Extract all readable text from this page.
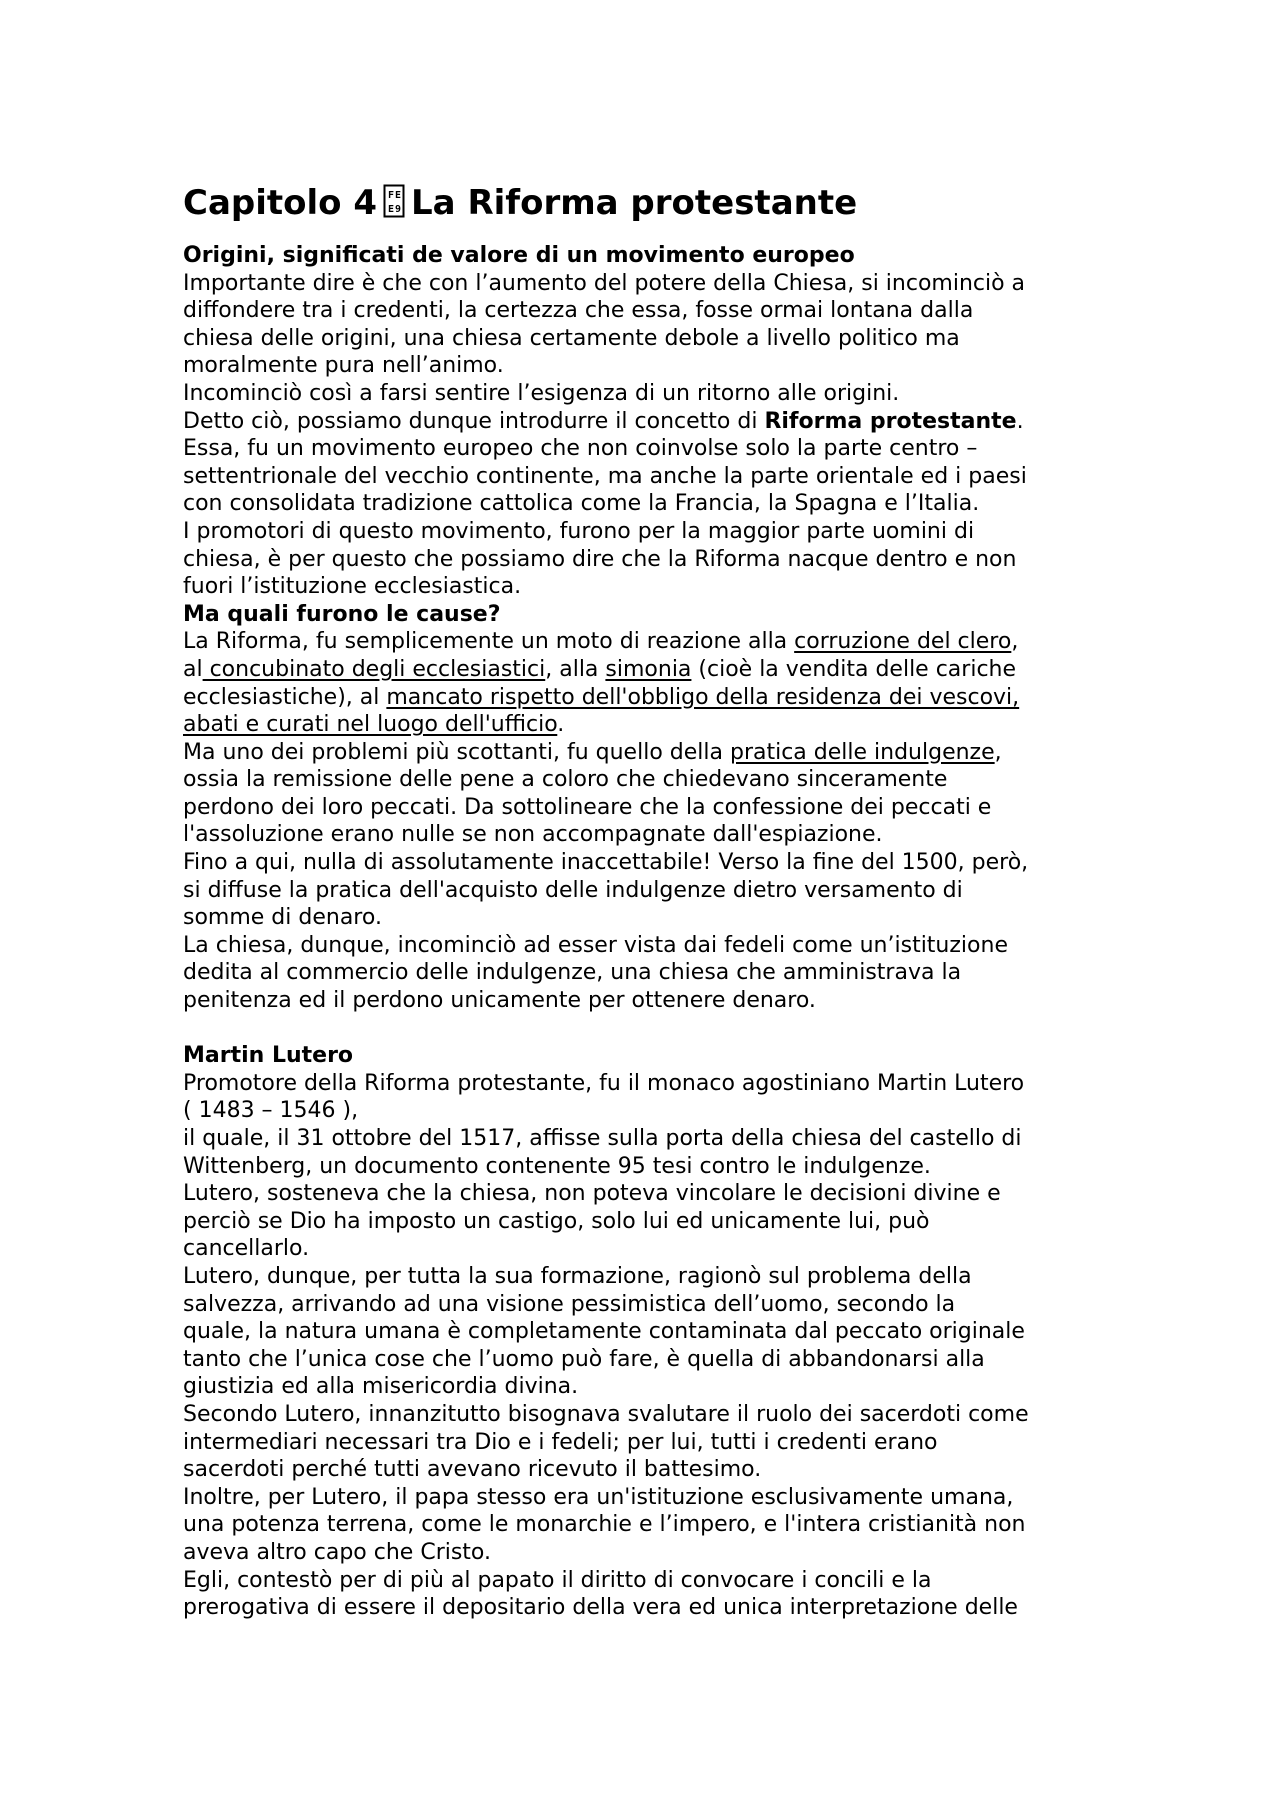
Capitolo 4 F E
E 9 La Riforma protestante

Origini, significati de valore di un movimento europeo

Importante dire è che con l’aumento del potere della Chiesa, si incominciò a

diffondere tra i credenti, la certezza che essa, fosse ormai lontana dalla

chiesa delle origini, una chiesa certamente debole a livello politico ma

moralmente pura nell’animo.

Incominciò così a farsi sentire l’esigenza di un ritorno alle origini.

Detto ciò, possiamo dunque introdurre il concetto di Riforma protestante.

Essa, fu un movimento europeo che non coinvolse solo la parte centro –

settentrionale del vecchio continente, ma anche la parte orientale ed i paesi

con consolidata tradizione cattolica come la Francia, la Spagna e l’Italia.

I promotori di questo movimento, furono per la maggior parte uomini di

chiesa, è per questo che possiamo dire che la Riforma nacque dentro e non

fuori l’istituzione ecclesiastica.

Ma quali furono le cause?

La Riforma, fu semplicemente un moto di reazione alla corruzione del clero,

al concubinato degli ecclesiastici, alla simonia (cioè la vendita delle cariche

ecclesiastiche), al mancato rispetto dell'obbligo della residenza dei vescovi,

abati e curati nel luogo dell'ufficio.

Ma uno dei problemi più scottanti, fu quello della pratica delle indulgenze,

ossia la remissione delle pene a coloro che chiedevano sinceramente

perdono dei loro peccati. Da sottolineare che la confessione dei peccati e

l'assoluzione erano nulle se non accompagnate dall'espiazione.

Fino a qui, nulla di assolutamente inaccettabile! Verso la fine del 1500, però,

si diffuse la pratica dell'acquisto delle indulgenze dietro versamento di

somme di denaro.

La chiesa, dunque, incominciò ad esser vista dai fedeli come un’istituzione

dedita al commercio delle indulgenze, una chiesa che amministrava la

penitenza ed il perdono unicamente per ottenere denaro.

Martin Lutero

Promotore della Riforma protestante, fu il monaco agostiniano Martin Lutero

( 1483 – 1546 ),

il quale, il 31 ottobre del 1517, affisse sulla porta della chiesa del castello di

Wittenberg, un documento contenente 95 tesi contro le indulgenze.

Lutero, sosteneva che la chiesa, non poteva vincolare le decisioni divine e

perciò se Dio ha imposto un castigo, solo lui ed unicamente lui, può

cancellarlo.

Lutero, dunque, per tutta la sua formazione, ragionò sul problema della

salvezza, arrivando ad una visione pessimistica dell’uomo, secondo la

quale, la natura umana è completamente contaminata dal peccato originale

tanto che l’unica cose che l’uomo può fare, è quella di abbandonarsi alla

giustizia ed alla misericordia divina.

Secondo Lutero, innanzitutto bisognava svalutare il ruolo dei sacerdoti come

intermediari necessari tra Dio e i fedeli; per lui, tutti i credenti erano

sacerdoti perché tutti avevano ricevuto il battesimo.

Inoltre, per Lutero, il papa stesso era un'istituzione esclusivamente umana,

una potenza terrena, come le monarchie e l’impero, e l'intera cristianità non

aveva altro capo che Cristo.

Egli, contestò per di più al papato il diritto di convocare i concili e la

prerogativa di essere il depositario della vera ed unica interpretazione delle
